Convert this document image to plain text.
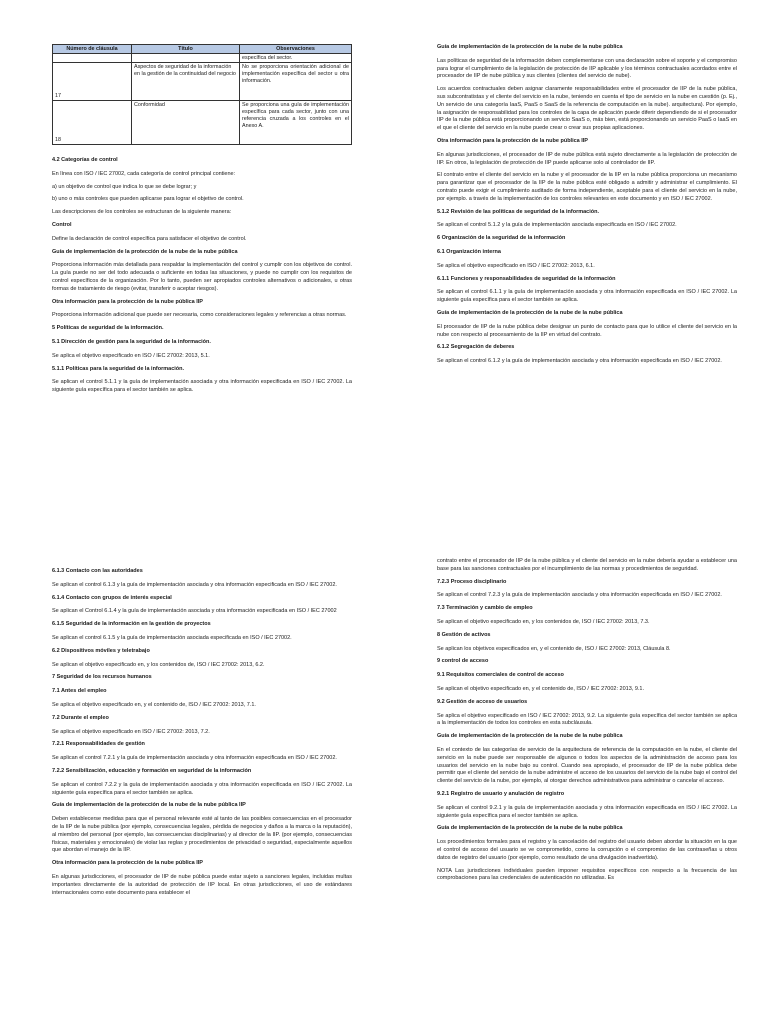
Número de cláusula	Título	Observaciones
		específica del sector.
17	Aspectos de seguridad de la información en la gestión de la continuidad del negocio	No se proporciona orientación adicional de implementación específica del sector u otra información.
18	Conformidad	Se proporciona una guía de implementación específica para cada sector, junto con una referencia cruzada a los controles en el Anexo A.

4.2 Categorías de control

En línea con ISO / IEC 27002, cada categoría de control principal contiene:

a) un objetivo de control que indica lo que se debe lograr; y

b) uno o más controles que pueden aplicarse para lograr el objetivo de control.

Las descripciones de los controles se estructuran de la siguiente manera:

Control

Define la declaración de control específica para satisfacer el objetivo de control.

Guía de implementación de la protección de la nube de la nube pública

Proporciona información más detallada para respaldar la implementación del control y cumplir con los objetivos de control. La guía puede no ser del todo adecuada o suficiente en todas las situaciones, y puede no cumplir con los requisitos de control específicos de la organización. Por lo tanto, pueden ser apropiados controles alternativos o adicionales, u otras formas de tratamiento de riesgo (evitar, transferir o aceptar riesgos).

Otra información para la protección de la nube pública IIP

Proporciona información adicional que puede ser necesaria, como consideraciones legales y referencias a otras normas.

5 Políticas de seguridad de la información.

5.1 Dirección de gestión para la seguridad de la información.

Se aplica el objetivo especificado en ISO / IEC 27002: 2013, 5.1.

5.1.1 Políticas para la seguridad de la información.

Se aplican el control 5.1.1 y la guía de implementación asociada y otra información especificada en ISO / IEC 27002. La siguiente guía específica para el sector también se aplica.

Guía de implementación de la protección de la nube de la nube pública

Las políticas de seguridad de la información deben complementarse con una declaración sobre el soporte y el compromiso para lograr el cumplimiento de la legislación de protección de IIP aplicable y los términos contractuales acordados entre el procesador de IIP de nube pública y sus clientes (clientes del servicio de nube).

Los acuerdos contractuales deben asignar claramente responsabilidades entre el procesador de IIP de la nube pública, sus subcontratistas y el cliente del servicio en la nube, teniendo en cuenta el tipo de servicio en la nube en cuestión (p. Ej., Un servicio de una categoría IaaS, PaaS o SaaS de la referencia de computación en la nube). arquitectura). Por ejemplo, la asignación de responsabilidad para los controles de la capa de aplicación puede diferir dependiendo de si el procesador IIP de la nube pública está proporcionando un servicio SaaS o, más bien, está proporcionando un servicio PaaS o IaaS en el que el cliente del servicio en la nube puede crear o crear sus propias aplicaciones.

Otra información para la protección de la nube pública IIP

En algunas jurisdicciones, el procesador de IIP de nube pública está sujeto directamente a la legislación de protección de IIP. En otros, la legislación de protección de IIP puede aplicarse solo al controlador de IIP.

El contrato entre el cliente del servicio en la nube y el procesador de la IIP en la nube pública proporciona un mecanismo para garantizar que el procesador de la IIP de la nube pública esté obligado a admitir y administrar el cumplimiento. El contrato puede exigir el cumplimiento auditado de forma independiente, aceptable para el cliente del servicio en la nube, por ejemplo. a través de la implementación de los controles relevantes en este documento y en ISO / IEC 27002.

5.1.2 Revisión de las políticas de seguridad de la información.

Se aplican el control 5.1.2 y la guía de implementación asociada especificada en ISO / IEC 27002.

6 Organización de la seguridad de la información

6.1 Organización interna

Se aplica el objetivo especificado en ISO / IEC 27002: 2013, 6.1.

6.1.1 Funciones y responsabilidades de seguridad de la información

Se aplican el control 6.1.1 y la guía de implementación asociada y otra información especificada en ISO / IEC 27002. La siguiente guía específica para el sector también se aplica.

Guía de implementación de la protección de la nube de la nube pública

El procesador de IIP de la nube pública debe designar un punto de contacto para que lo utilice el cliente del servicio en la nube con respecto al procesamiento de la IIP en virtud del contrato.

6.1.2 Segregación de deberes

Se aplican el control 6.1.2 y la guía de implementación asociada y otra información especificada en ISO / IEC 27002.

6.1.3 Contacto con las autoridades

Se aplican el control 6.1.3 y la guía de implementación asociada y otra información especificada en ISO / IEC 27002.

6.1.4 Contacto con grupos de interés especial

Se aplican el Control 6.1.4 y la guía de implementación asociada y otra información especificada en ISO / IEC 27002

6.1.5 Seguridad de la información en la gestión de proyectos

Se aplican el control 6.1.5 y la guía de implementación asociada especificada en ISO / IEC 27002.

6.2 Dispositivos móviles y teletrabajo

Se aplican el objetivo especificado en, y los contenidos de, ISO / IEC 27002: 2013, 6.2.

7 Seguridad de los recursos humanos

7.1 Antes del empleo

Se aplica el objetivo especificado en, y el contenido de, ISO / IEC 27002: 2013, 7.1.

7.2 Durante el empleo

Se aplica el objetivo especificado en ISO / IEC 27002: 2013, 7.2.

7.2.1 Responsabilidades de gestión

Se aplican el control 7.2.1 y la guía de implementación asociada y otra información especificada en ISO / IEC 27002.

7.2.2 Sensibilización, educación y formación en seguridad de la información

Se aplican el control 7.2.2 y la guía de implementación asociada y otra información especificada en ISO / IEC 27002. La siguiente guía específica para el sector también se aplica.

Guía de implementación de la protección de la nube de la nube pública IIP

Deben establecerse medidas para que el personal relevante esté al tanto de las posibles consecuencias en el procesador de la IIP de la nube pública (por ejemplo, consecuencias legales, pérdida de negocios y daños a la marca o la reputación), al miembro del personal (por ejemplo, las consecuencias disciplinarias) y al director de la IIP. (por ejemplo, consecuencias físicas, materiales y emocionales) de violar las reglas y procedimientos de privacidad o seguridad, especialmente aquellos que abordan el manejo de la IIP.

Otra información para la protección de la nube pública IIP

En algunas jurisdicciones, el procesador de IIP de nube pública puede estar sujeto a sanciones legales, incluidas multas importantes directamente de la autoridad de protección de IIP local. En otras jurisdicciones, el uso de estándares internacionales como este documento para establecer el

contrato entre el procesador de IIP de la nube pública y el cliente del servicio en la nube debería ayudar a establecer una base para las sanciones contractuales por el incumplimiento de las normas y procedimientos de seguridad.

7.2.3 Proceso disciplinario

Se aplican el control 7.2.3 y la guía de implementación asociada y otra información especificada en ISO / IEC 27002.

7.3 Terminación y cambio de empleo

Se aplican el objetivo especificado en, y los contenidos de, ISO / IEC 27002: 2013, 7.3.

8 Gestión de activos

Se aplican los objetivos especificados en, y el contenido de, ISO / IEC 27002: 2013, Cláusula 8.

9 control de acceso

9.1 Requisitos comerciales de control de acceso

Se aplican el objetivo especificado en, y el contenido de, ISO / IEC 27002: 2013, 9.1.

9.2 Gestión de acceso de usuarios

Se aplica el objetivo especificado en ISO / IEC 27002: 2013, 9.2. La siguiente guía específica del sector también se aplica a la implementación de todos los controles en esta subcláusula.

Guía de implementación de la protección de la nube de la nube pública

En el contexto de las categorías de servicio de la arquitectura de referencia de la computación en la nube, el cliente del servicio en la nube puede ser responsable de algunos o todos los aspectos de la administración de acceso para los usuarios del servicio en la nube bajo su control. Cuando sea apropiado, el procesador de IIP de la nube pública debe permitir que el cliente del servicio de la nube administre el acceso de los usuarios del servicio de la nube bajo el control del cliente del servicio de la nube, por ejemplo, al otorgar derechos administrativos para administrar o cancelar el acceso.

9.2.1 Registro de usuario y anulación de registro

Se aplican el control 9.2.1 y la guía de implementación asociada y otra información especificada en ISO / IEC 27002. La siguiente guía específica para el sector también se aplica.

Guía de implementación de la protección de la nube de la nube pública

Los procedimientos formales para el registro y la cancelación del registro del usuario deben abordar la situación en la que el control de acceso del usuario se ve comprometido, como la corrupción o el compromiso de las contraseñas u otros datos de registro del usuario (por ejemplo, como resultado de una divulgación inadvertida).

NOTA Las jurisdicciones individuales pueden imponer requisitos específicos con respecto a la frecuencia de las comprobaciones para las credenciales de autenticación no utilizadas. Es
